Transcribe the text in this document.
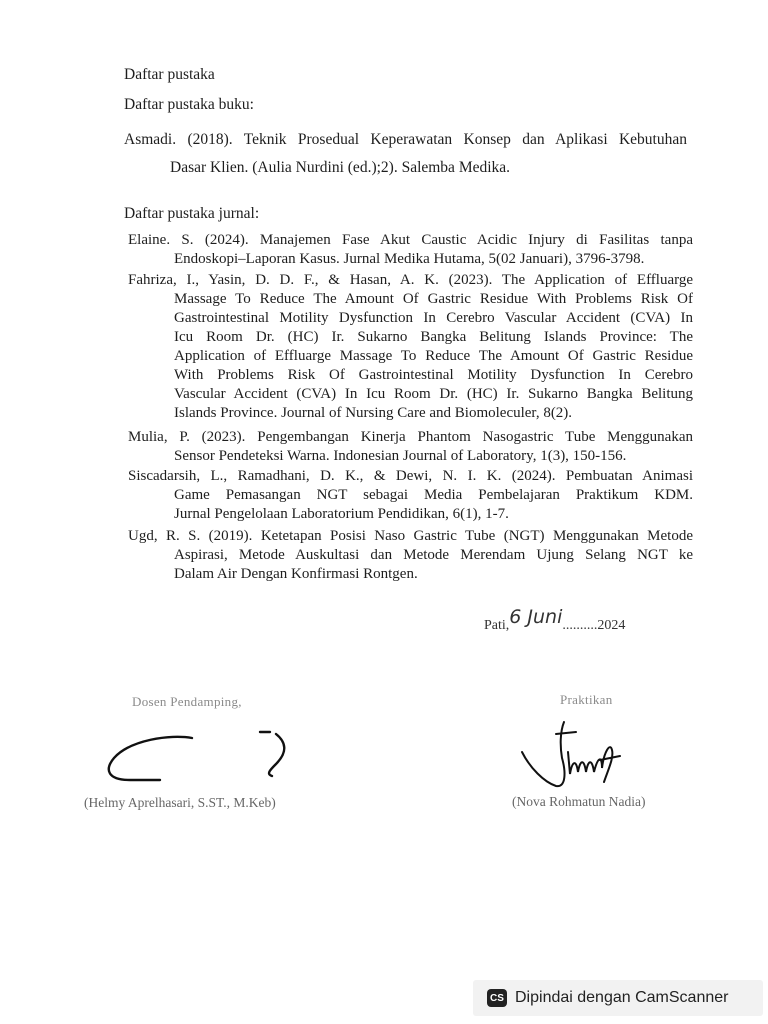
Daftar pustaka
Daftar pustaka buku:
Asmadi. (2018). Teknik Prosedual Keperawatan Konsep dan Aplikasi Kebutuhan
Dasar Klien. (Aulia Nurdini (ed.);2). Salemba Medika.
Daftar pustaka jurnal:
Elaine. S. (2024). Manajemen Fase Akut Caustic Acidic Injury di Fasilitas tanpa
Endoskopi–Laporan Kasus. Jurnal Medika Hutama, 5(02 Januari), 3796-3798.
Fahriza, I., Yasin, D. D. F., & Hasan, A. K. (2023). The Application of Effluarge
Massage To Reduce The Amount Of Gastric Residue With Problems Risk Of
Gastrointestinal Motility Dysfunction In Cerebro Vascular Accident (CVA) In
Icu Room Dr. (HC) Ir. Sukarno Bangka Belitung Islands Province: The
Application of Effluarge Massage To Reduce The Amount Of Gastric Residue
With Problems Risk Of Gastrointestinal Motility Dysfunction In Cerebro
Vascular Accident (CVA) In Icu Room Dr. (HC) Ir. Sukarno Bangka Belitung
Islands Province. Journal of Nursing Care and Biomoleculer, 8(2).
Mulia, P. (2023). Pengembangan Kinerja Phantom Nasogastric Tube Menggunakan
Sensor Pendeteksi Warna. Indonesian Journal of Laboratory, 1(3), 150-156.
Siscadarsih, L., Ramadhani, D. K., & Dewi, N. I. K. (2024). Pembuatan Animasi
Game Pemasangan NGT sebagai Media Pembelajaran Praktikum KDM.
Jurnal Pengelolaan Laboratorium Pendidikan, 6(1), 1-7.
Ugd, R. S. (2019). Ketetapan Posisi Naso Gastric Tube (NGT) Menggunakan Metode
Aspirasi, Metode Auskultasi dan Metode Merendam Ujung Selang NGT ke
Dalam Air Dengan Konfirmasi Rontgen.
Pati,6 Juni..........2024
Dosen Pendamping,	Praktikan
(Helmy Aprelhasari, S.ST., M.Keb)	(Nova Rohmatun Nadia)
CS Dipindai dengan CamScanner
